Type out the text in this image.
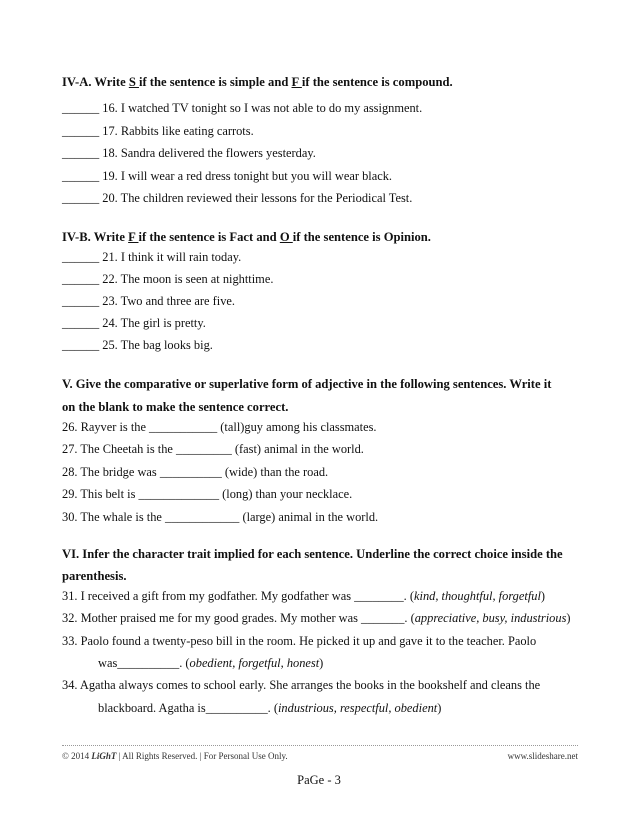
IV-A. Write S if the sentence is simple and F if the sentence is compound.
______ 16. I watched TV tonight so I was not able to do my assignment.
______ 17. Rabbits like eating carrots.
______ 18. Sandra delivered the flowers yesterday.
______ 19. I will wear a red dress tonight but you will wear black.
______ 20. The children reviewed their lessons for the Periodical Test.
IV-B. Write F if the sentence is Fact and O if the sentence is Opinion.
______ 21. I think it will rain today.
______ 22. The moon is seen at nighttime.
______ 23. Two and three are five.
______ 24. The girl is pretty.
______ 25. The bag looks big.
V. Give the comparative or superlative form of adjective in the following sentences. Write it
on the blank to make the sentence correct.
26. Rayver is the ___________ (tall)guy among his classmates.
27. The Cheetah is the _________ (fast) animal in the world.
28. The bridge was __________ (wide) than the road.
29. This belt is _____________ (long) than your necklace.
30. The whale is the ____________ (large) animal in the world.
VI. Infer the character trait implied for each sentence. Underline the correct choice inside the
parenthesis.
31. I received a gift from my godfather. My godfather was ________. (kind, thoughtful, forgetful)
32. Mother praised me for my good grades. My mother was _______. (appreciative, busy, industrious)
33. Paolo found a twenty-peso bill in the room. He picked it up and gave it to the teacher. Paolo
was__________. (obedient, forgetful, honest)
34. Agatha always comes to school early. She arranges the books in the bookshelf and cleans the
blackboard. Agatha is__________. (industrious, respectful, obedient)
© 2014 LiGhT | All Rights Reserved. | For Personal Use Only.	www.slideshare.net
PaGe - 3
